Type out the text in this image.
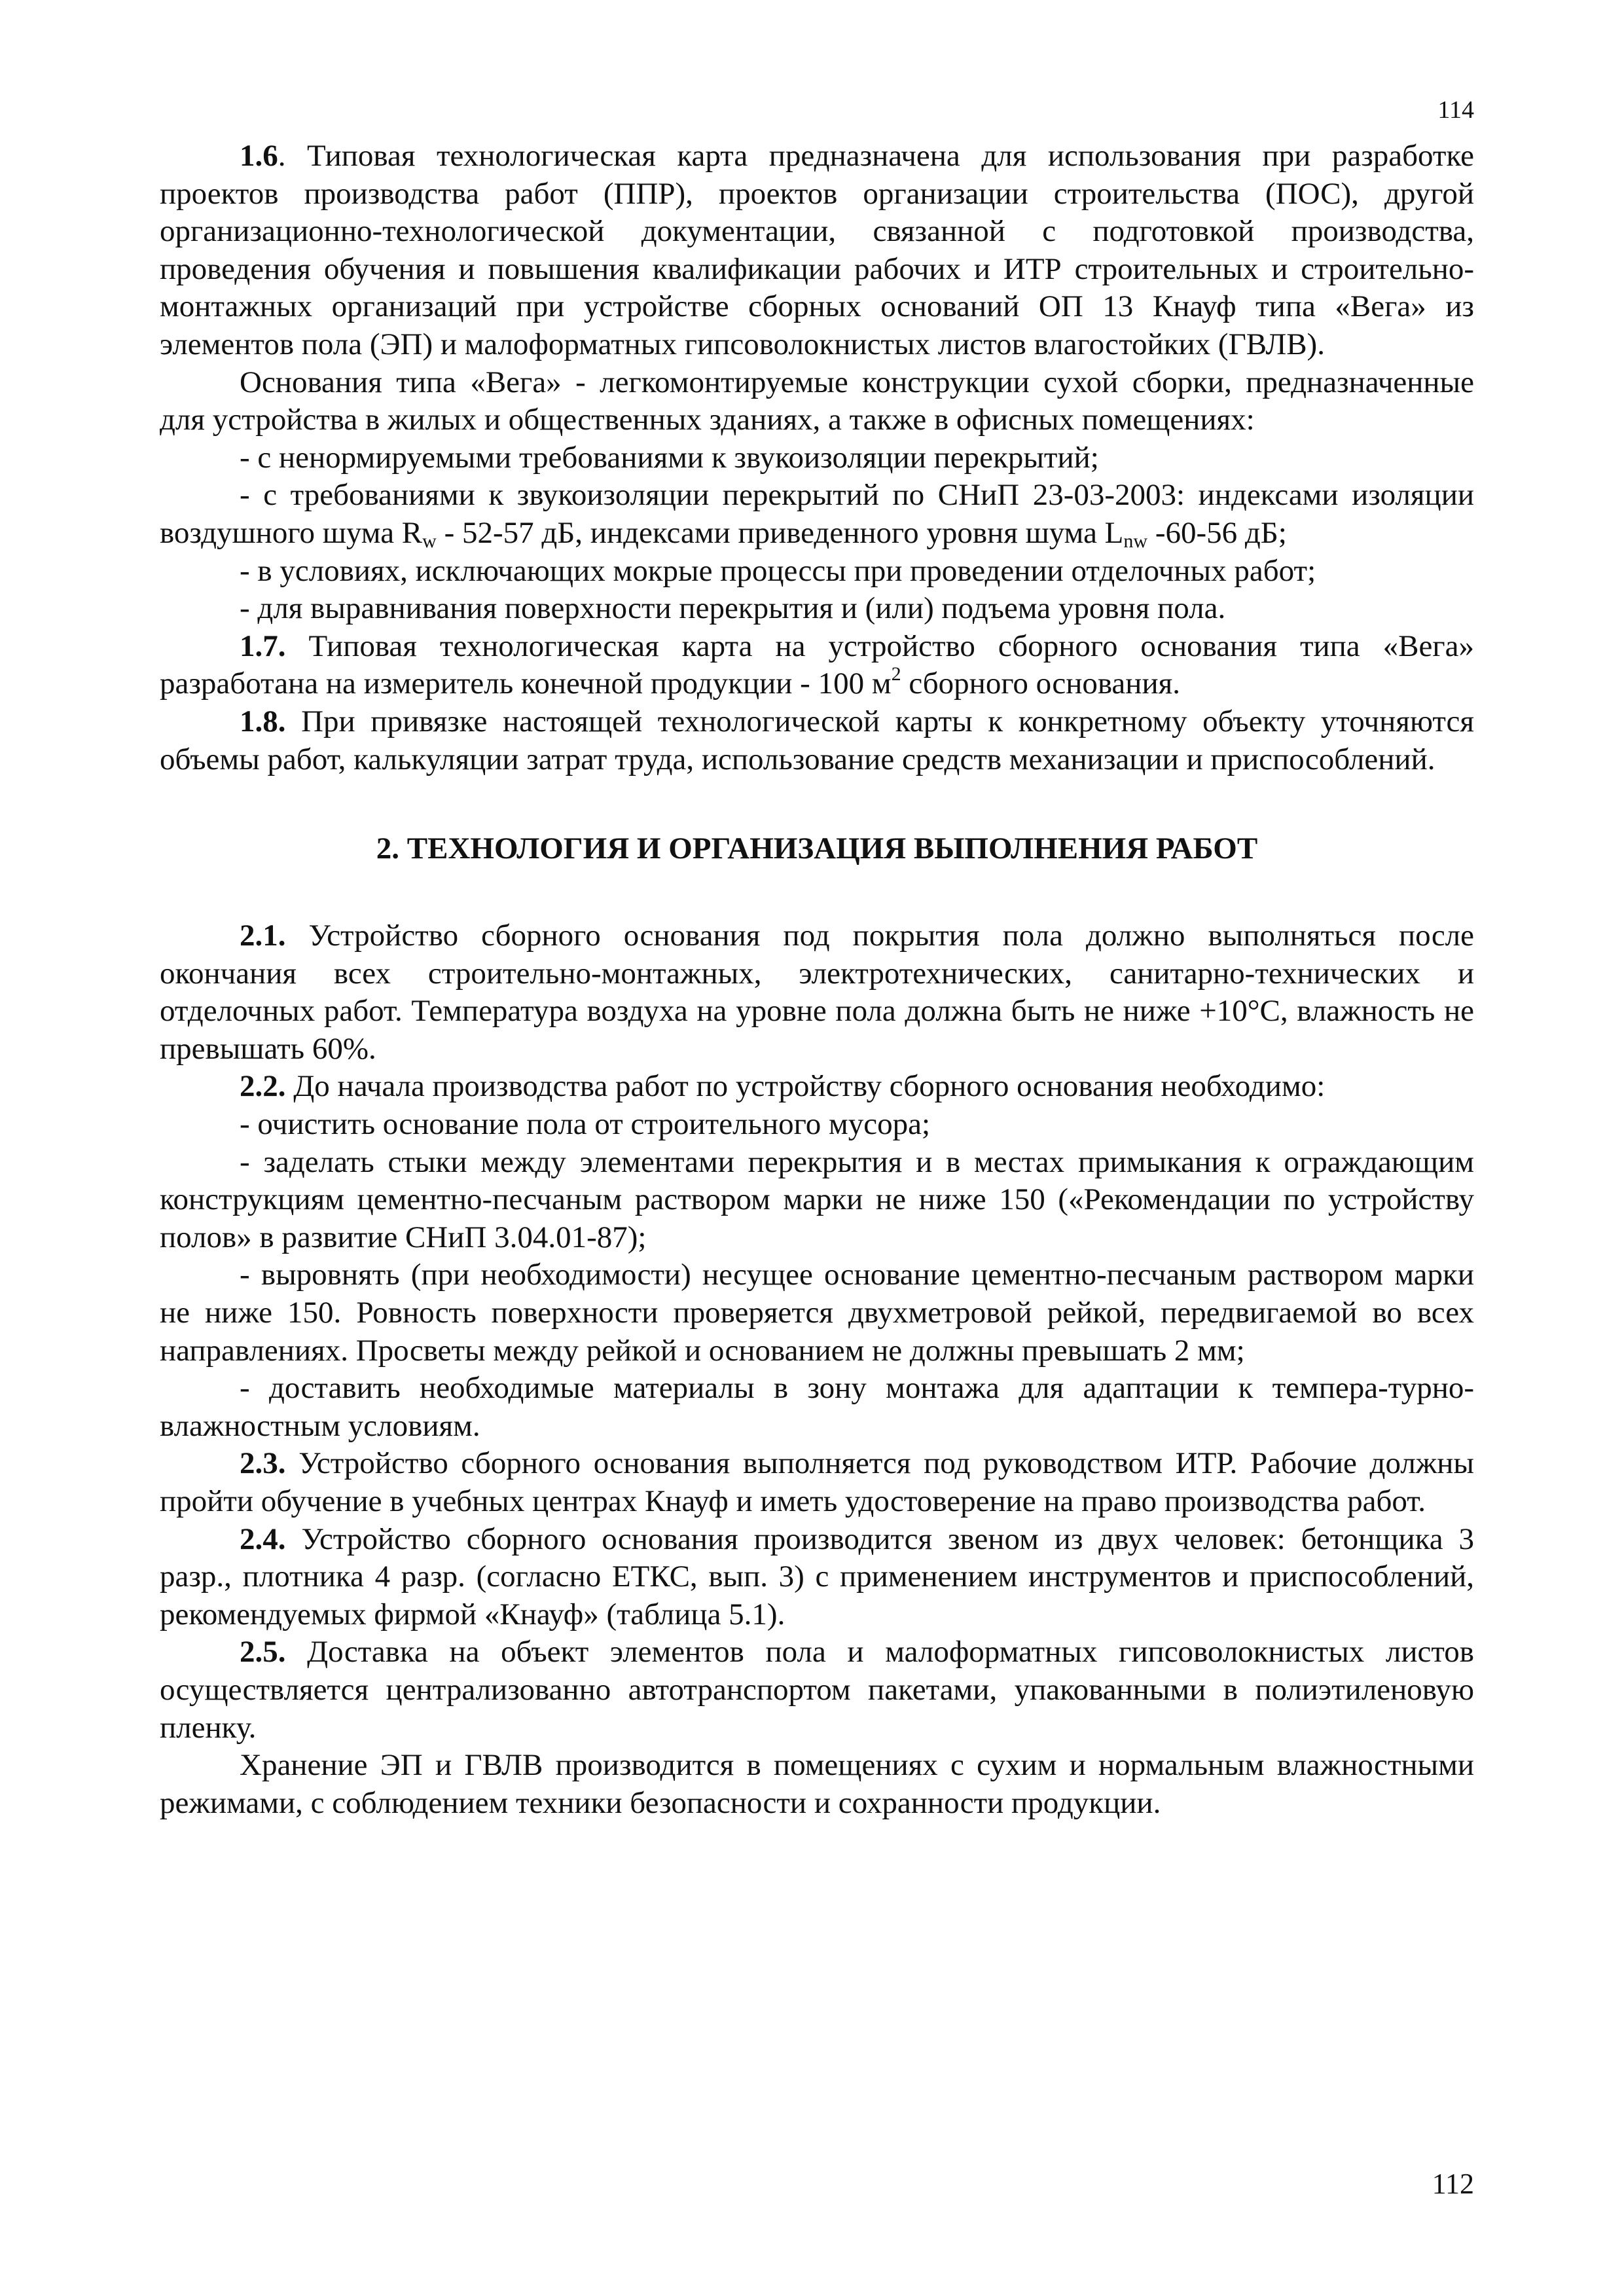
114

1.6. Типовая технологическая карта предназначена для использования при разработке проектов производства работ (ППР), проектов организации строительства (ПОС), другой организационно-технологической документации, связанной с подготовкой производства, проведения обучения и повышения квалификации рабочих и ИТР строительных и строительно-монтажных организаций при устройстве сборных оснований ОП 13 Кнауф типа «Вега» из элементов пола (ЭП) и малоформатных гипсоволокнистых листов влагостойких (ГВЛВ).

Основания типа «Вега» - легкомонтируемые конструкции сухой сборки, предназначенные для устройства в жилых и общественных зданиях, а также в офисных помещениях:

- с ненормируемыми требованиями к звукоизоляции перекрытий;

- с требованиями к звукоизоляции перекрытий по СНиП 23-03-2003: индексами изоляции воздушного шума $R_w - 52-57$ дБ, индексами приведенного уровня шума $L_{nw}$ -60-56 дБ;

- в условиях, исключающих мокрые процессы при проведении отделочных работ;

- для выравнивания поверхности перекрытия и (или) подъема уровня пола.

1.7. Типовая технологическая карта на устройство сборного основания типа «Вега» разработана на измеритель конечной продукции - 100 $м^2$ сборного основания.

1.8. При привязке настоящей технологической карты к конкретному объекту уточняются объемы работ, калькуляции затрат труда, использование средств механизации и приспособлений.

2. ТЕХНОЛОГИЯ И ОРГАНИЗАЦИЯ ВЫПОЛНЕНИЯ РАБОТ

2.1. Устройство сборного основания под покрытия пола должно выполняться после окончания всех строительно-монтажных, электротехнических, санитарно-технических и отделочных работ. Температура воздуха на уровне пола должна быть не ниже +10°С, влажность не превышать 60%.

2.2. До начала производства работ по устройству сборного основания необходимо:

- очистить основание пола от строительного мусора;

- заделать стыки между элементами перекрытия и в местах примыкания к ограждающим конструкциям цементно-песчаным раствором марки не ниже 150 («Рекомендации по устройству полов» в развитие СНиП 3.04.01-87);

- выровнять (при необходимости) несущее основание цементно-песчаным раствором марки не ниже 150. Ровность поверхности проверяется двухметровой рейкой, передвигаемой во всех направлениях. Просветы между рейкой и основанием не должны превышать 2 мм;

- доставить необходимые материалы в зону монтажа для адаптации к темпера-турно-влажностным условиям.

2.3. Устройство сборного основания выполняется под руководством ИТР. Рабочие должны пройти обучение в учебных центрах Кнауф и иметь удостоверение на право производства работ.

2.4. Устройство сборного основания производится звеном из двух человек: бетонщика 3 разр., плотника 4 разр. (согласно ЕТКС, вып. 3) с применением инструментов и приспособлений, рекомендуемых фирмой «Кнауф» (таблица 5.1).

2.5. Доставка на объект элементов пола и малоформатных гипсоволокнистых листов осуществляется централизованно автотранспортом пакетами, упакованными в полиэтиленовую пленку.

Хранение ЭП и ГВЛВ производится в помещениях с сухим и нормальным влажностными режимами, с соблюдением техники безопасности и сохранности продукции.

112
